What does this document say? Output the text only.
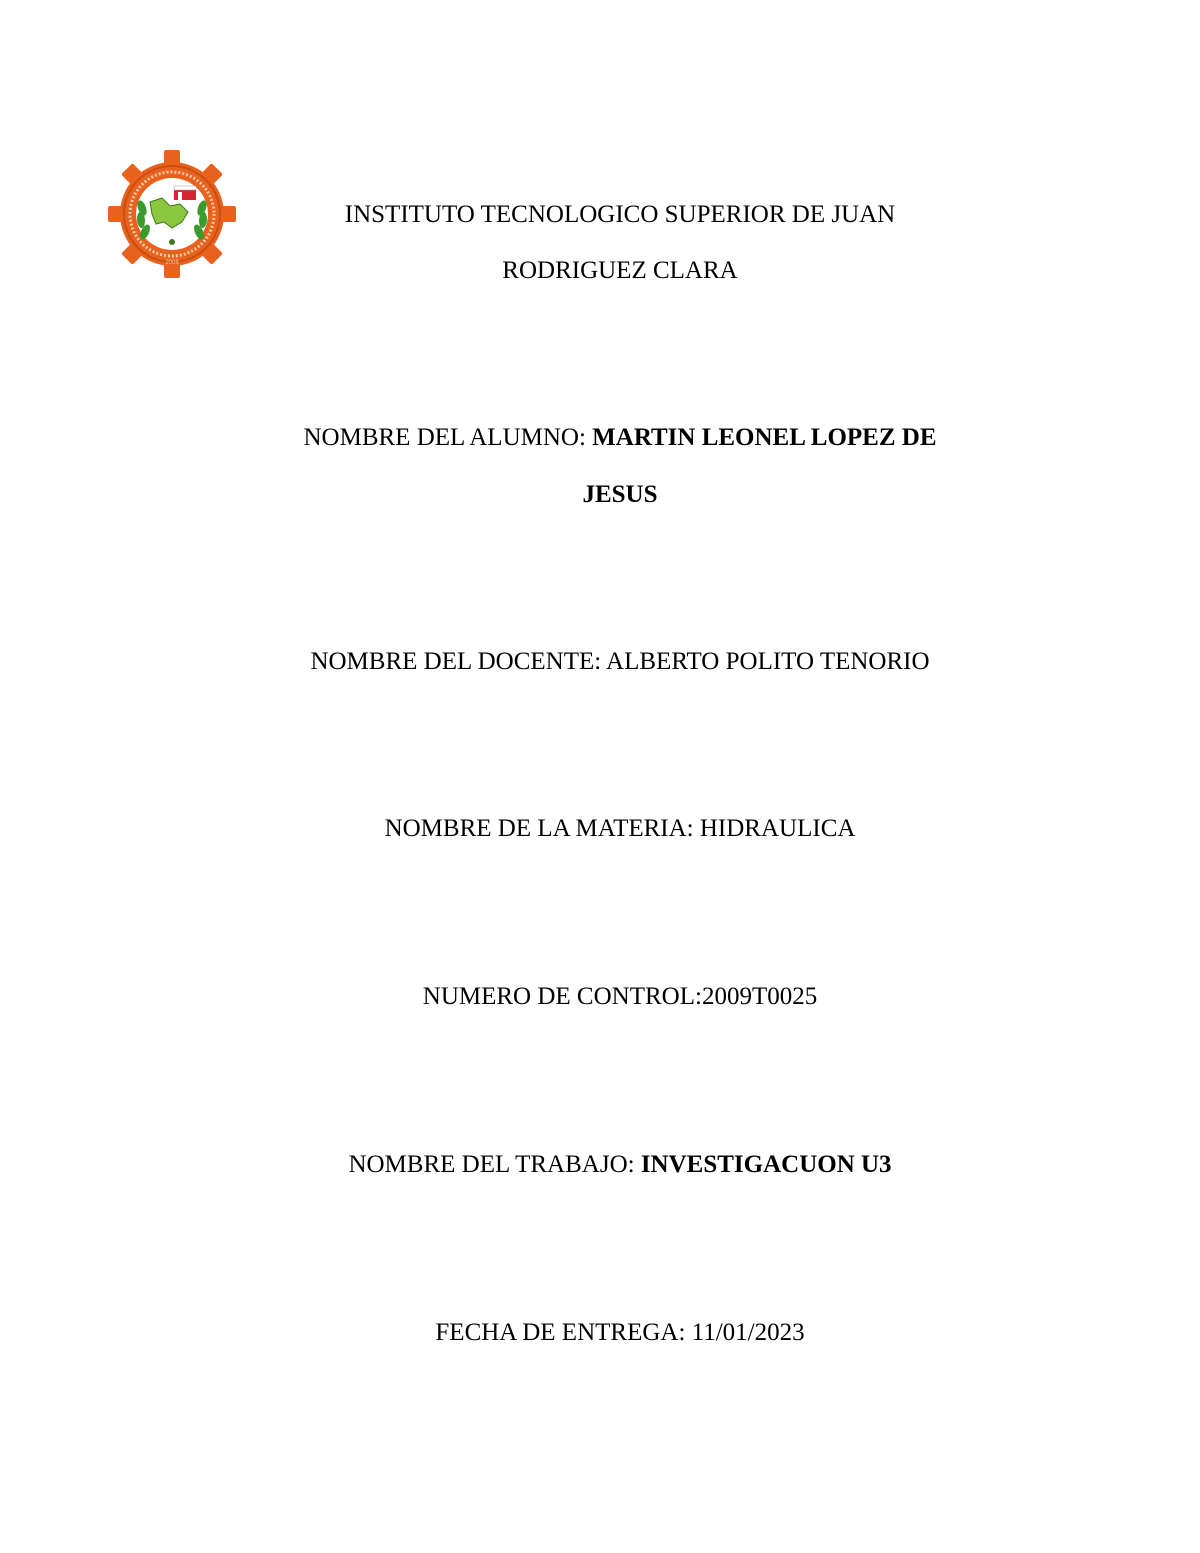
2008
INSTITUTO TECNOLOGICO SUPERIOR DE JUAN
RODRIGUEZ CLARA
NOMBRE DEL ALUMNO: MARTIN LEONEL LOPEZ DE
JESUS
NOMBRE DEL DOCENTE: ALBERTO POLITO TENORIO
NOMBRE DE LA MATERIA: HIDRAULICA
NUMERO DE CONTROL:2009T0025
NOMBRE DEL TRABAJO: INVESTIGACUON U3
FECHA DE ENTREGA: 11/01/2023
